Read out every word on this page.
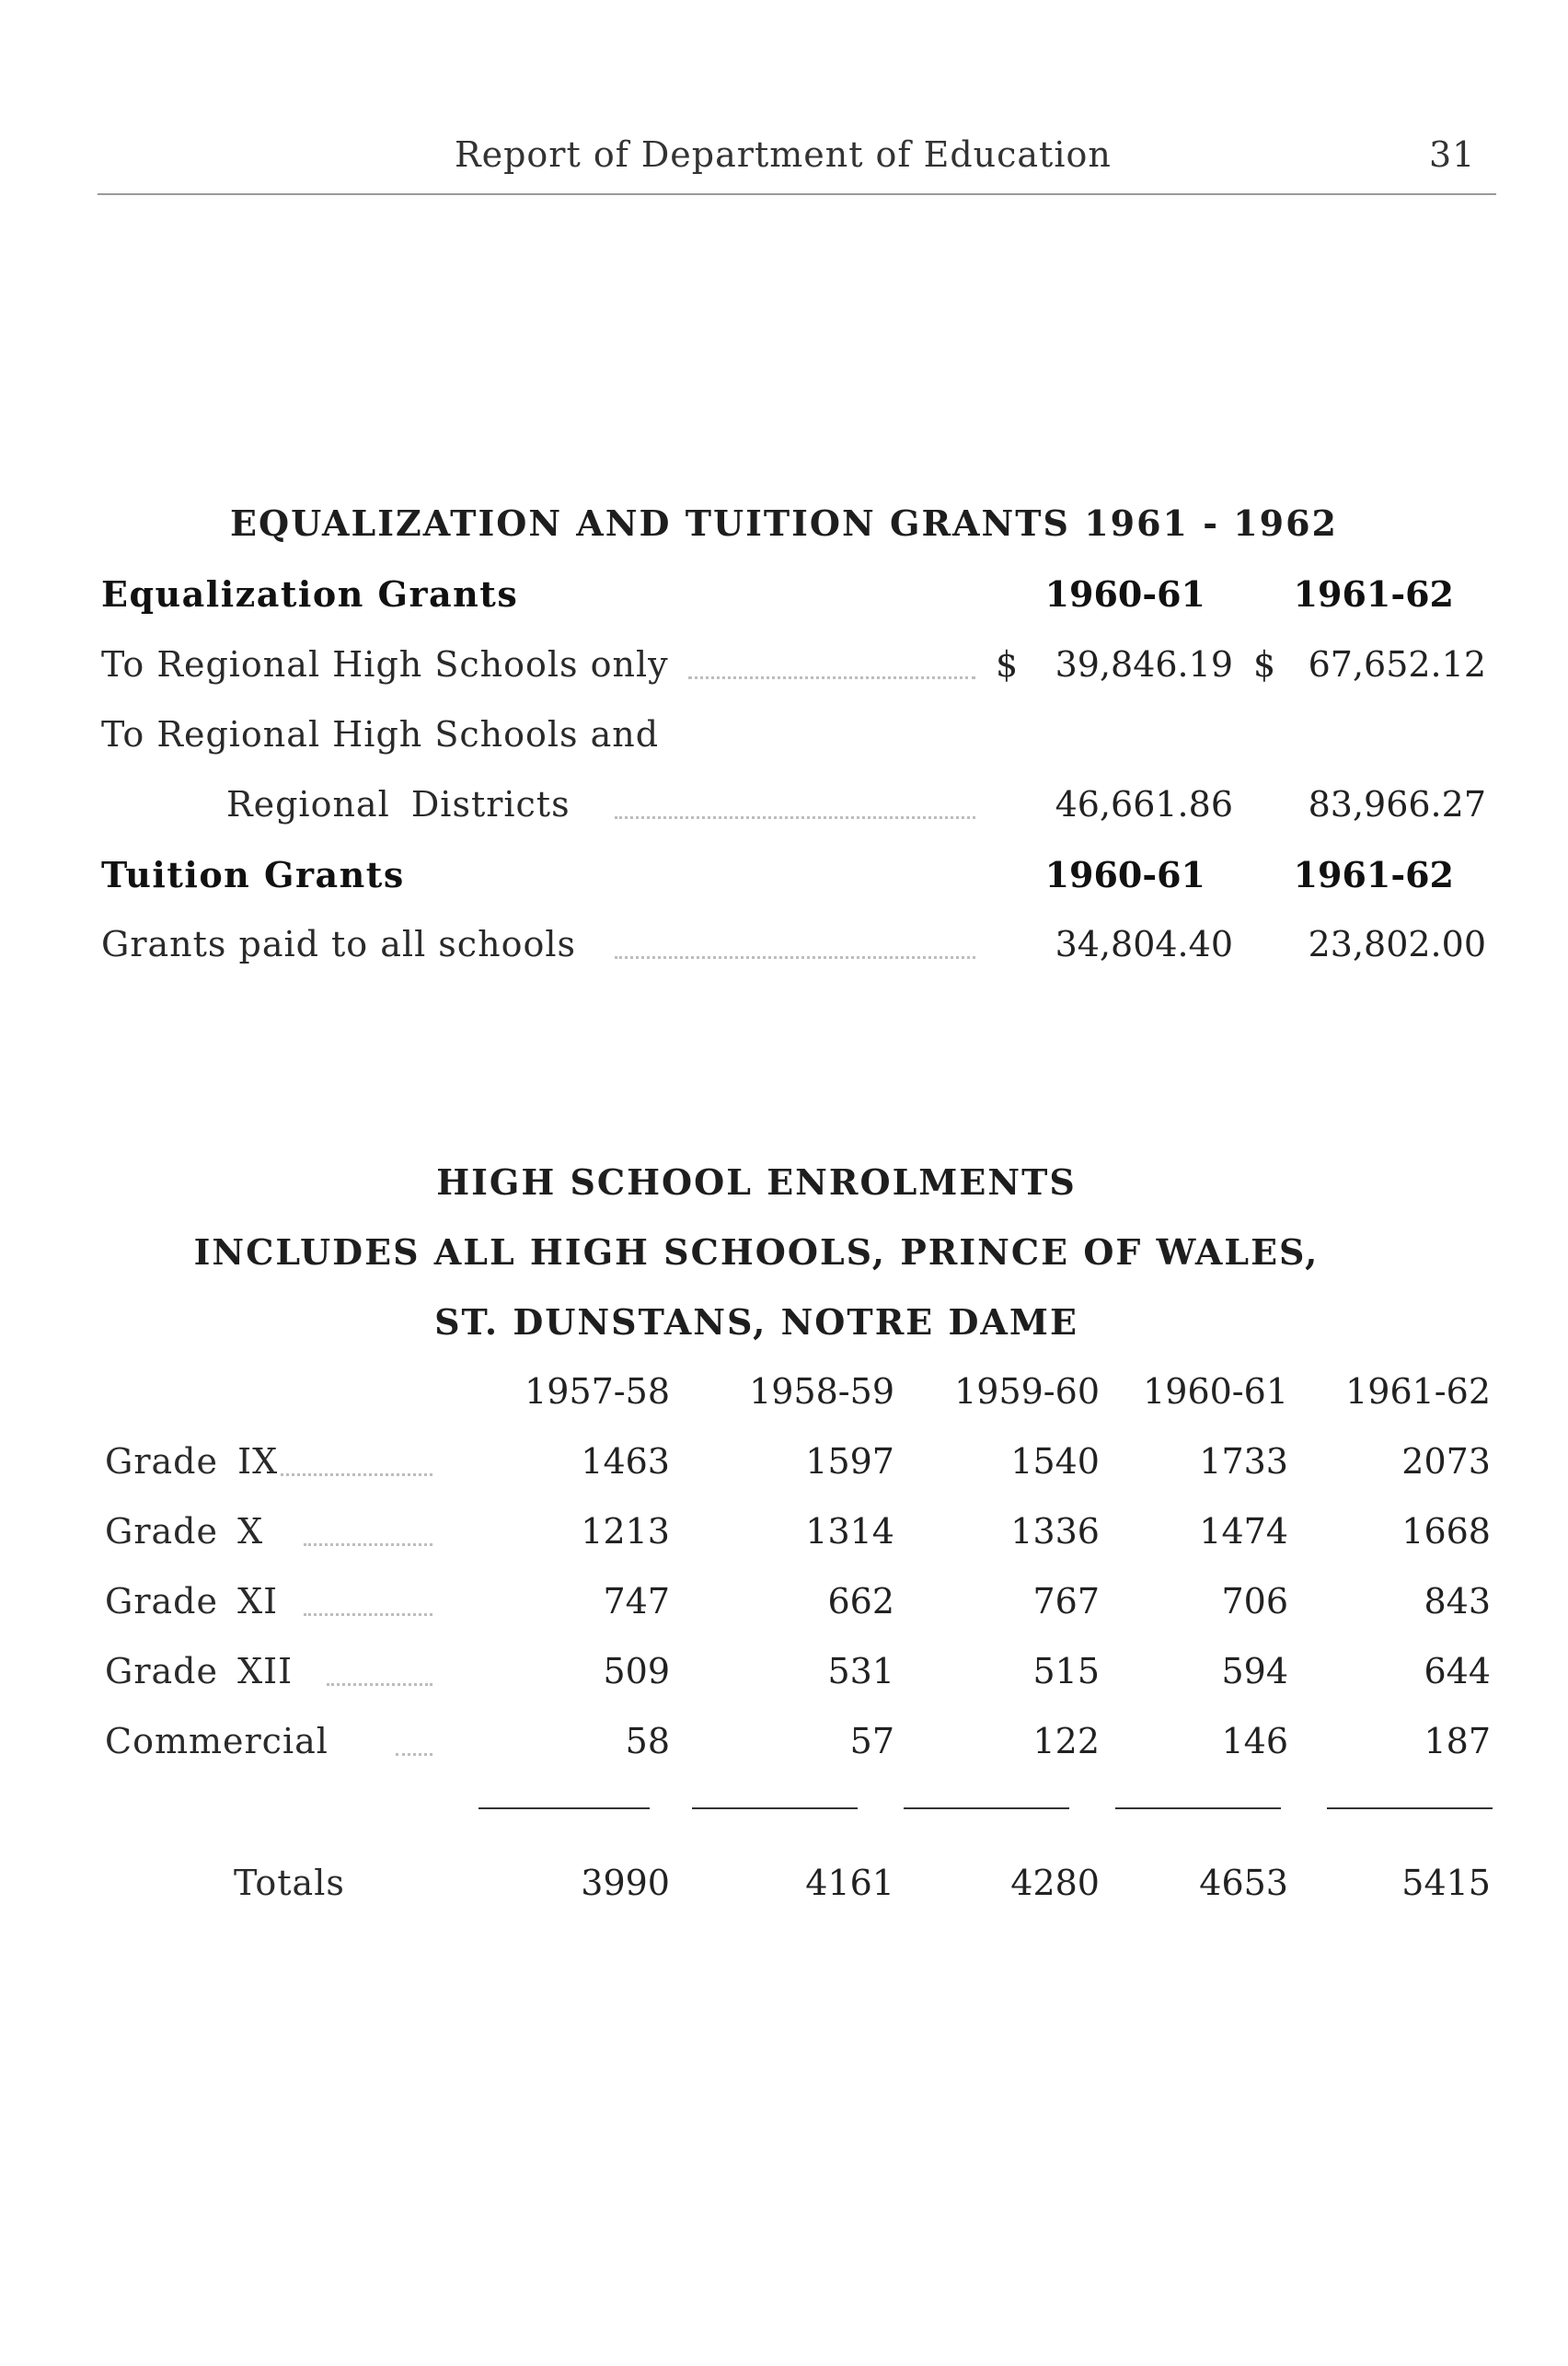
Report of Department of Education	31
EQUALIZATION AND TUITION GRANTS 1961 - 1962
Equalization Grants	1960-61	1961-62
To Regional High Schools only	$	39,846.19 $ 67,652.12
To Regional High Schools and
Regional Districts	46,661.86	83,966.27
Tuition Grants	1960-61	1961-62
Grants paid to all schools	34,804.40	23,802.00
HIGH SCHOOL ENROLMENTS
INCLUDES ALL HIGH SCHOOLS, PRINCE OF WALES,
ST. DUNSTANS, NOTRE DAME
1957-58	1958-59	1959-60	1960-61	1961-62
Grade IX	1463	1597	1540	1733	2073
Grade X	1213	1314	1336	1474	1668
Grade XI	747	662	767	706	843
Grade XII	509	531	515	594	644
Commercial	58	57	122	146	187
Totals	3990	4161	4280	4653	5415
